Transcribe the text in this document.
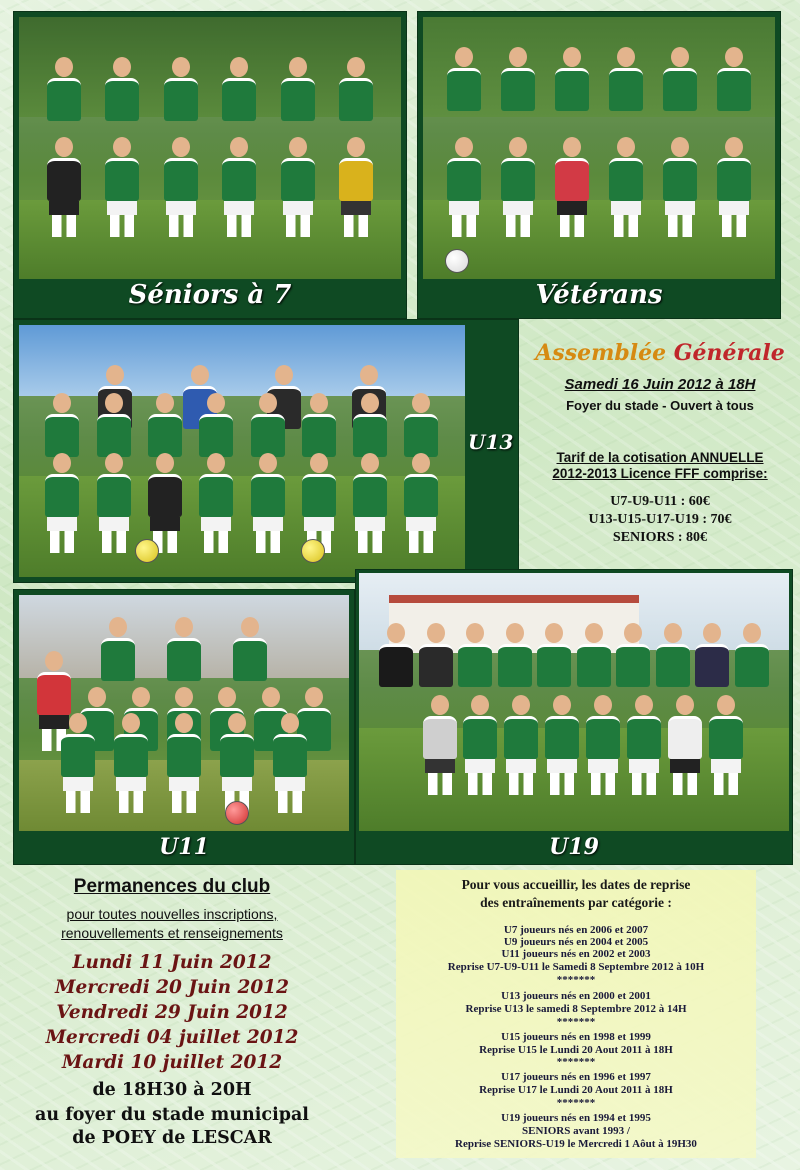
Séniors à 7	Vétérans
U13
Assemblée Générale
Samedi 16 Juin 2012 à 18H
Foyer du stade - Ouvert à tous
Tarif de la cotisation ANNUELLE
2012-2013 Licence FFF comprise:
U7-U9-U11 : 60€
U13-U15-U17-U19 : 70€
SENIORS : 80€
U11	U19
Permanences du club
pour toutes nouvelles inscriptions,
renouvellements et renseignements
Lundi 11 Juin 2012
Mercredi 20 Juin 2012
Vendredi 29 Juin 2012
Mercredi 04 juillet 2012
Mardi 10 juillet 2012
de 18H30 à 20H
au foyer du stade municipal
de POEY de LESCAR
Pour vous accueillir, les dates de reprise
des entraînements par catégorie :
U7 joueurs nés en 2006 et 2007
U9 joueurs nés en 2004 et 2005
U11 joueurs nés en 2002 et 2003
Reprise U7-U9-U11 le Samedi 8 Septembre 2012 à 10H
*******
U13 joueurs nés en 2000 et 2001
Reprise U13 le samedi 8 Septembre 2012 à 14H
*******
U15 joueurs nés en 1998 et 1999
Reprise U15 le Lundi 20 Aout 2011 à 18H
*******
U17 joueurs nés en 1996 et 1997
Reprise U17 le Lundi 20 Aout 2011 à 18H
*******
U19 joueurs nés en 1994 et 1995
SENIORS avant 1993 /
Reprise SENIORS-U19 le Mercredi 1 Aôut à 19H30
